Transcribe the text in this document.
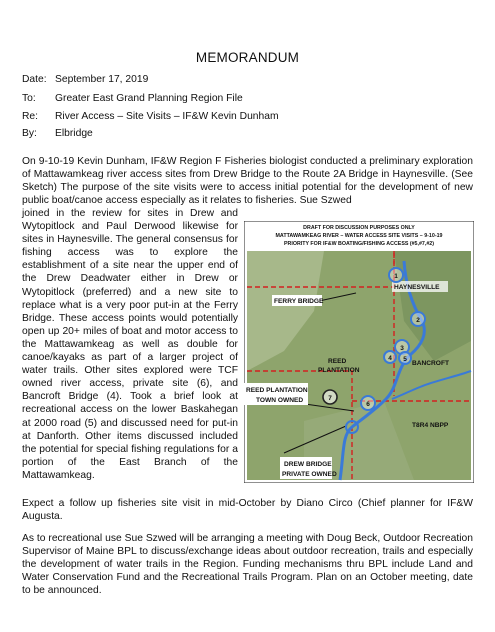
MEMORANDUM
Date: September 17, 2019
To: Greater East Grand Planning Region File
Re: River Access – Site Visits – IF&W Kevin Dunham
By: Elbridge

On 9-10-19 Kevin Dunham, IF&W Region F Fisheries biologist conducted a preliminary exploration of Mattawamkeag river access sites from Drew Bridge to the Route 2A Bridge in Haynesville. (See Sketch) The purpose of the site visits were to access initial potential for the development of new public boat/canoe access especially as it relates to fisheries. Sue Szwed

joined in the review for sites in Drew and Wytopitlock and Paul Derwood likewise for sites in Haynesville. The general consensus for fishing access was to explore the establishment of a site near the upper end of the Drew Deadwater either in Drew or Wytopitlock (preferred) and a new site to replace what is a very poor put-in at the Ferry Bridge. These access points would potentially open up 20+ miles of boat and motor access to the Mattawamkeag as well as double for canoe/kayaks as part of a larger project of water trails. Other sites explored were TCF owned river access, private site (6), and Bancroft Bridge (4). Took a brief look at recreational access on the lower Baskahegan at 2000 road (5) and discussed need for put-in at Danforth. Other items discussed included the potential for special fishing regulations for a portion of the East Branch of the Mattawamkeag.

DRAFT FOR DISCUSSION PURPOSES ONLY
MATTAWAMKEAG RIVER – WATER ACCESS SITE VISITS – 9-10-19
PRIORITY FOR IF&W BOATING/FISHING ACCESS (#5,#7,#2)
HAYNESVILLE
FERRY BRIDGE
REED
PLANTATION
BANCROFT
REED PLANTATION
TOWN OWNED
T8R4 NBPP
DREW BRIDGE
PRIVATE OWNED
1
2
3
4 5
6
7

Expect a follow up fisheries site visit in mid-October by Diano Circo (Chief planner for IF&W Augusta.

As to recreational use Sue Szwed will be arranging a meeting with Doug Beck, Outdoor Recreation Supervisor of Maine BPL to discuss/exchange ideas about outdoor recreation, trails and especially the development of water trails in the Region. Funding mechanisms thru BPL include Land and Water Conservation Fund and the Recreational Trails Program. Plan on an October meeting, date to be announced.
